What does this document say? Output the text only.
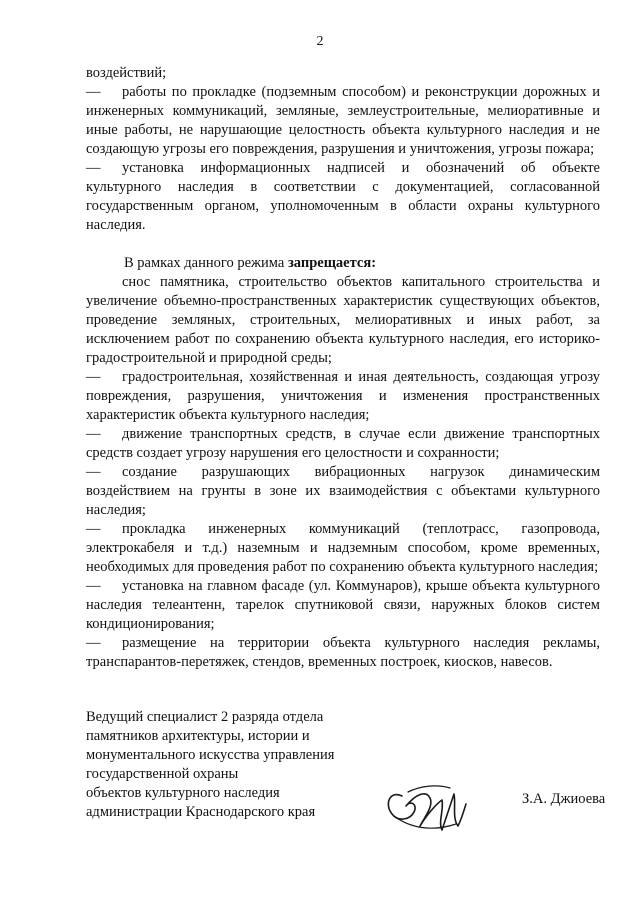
2

воздействий;

— работы по прокладке (подземным способом) и реконструкции дорожных и инженерных коммуникаций, земляные, землеустроительные, мелиоративные и иные работы, не нарушающие целостность объекта культурного наследия и не создающую угрозы его повреждения, разрушения и уничтожения, угрозы пожара;

— установка информационных надписей и обозначений об объекте культурного наследия в соответствии с документацией, согласованной государственным органом, уполномоченным в области охраны культурного наследия.

В рамках данного режима запрещается:

снос памятника, строительство объектов капитального строительства и увеличение объемно-пространственных характеристик существующих объектов, проведение земляных, строительных, мелиоративных и иных работ, за исключением работ по сохранению объекта культурного наследия, его историко-градостроительной и природной среды;

— градостроительная, хозяйственная и иная деятельность, создающая угрозу повреждения, разрушения, уничтожения и изменения пространственных характеристик объекта культурного наследия;

— движение транспортных средств, в случае если движение транспортных средств создает угрозу нарушения его целостности и сохранности;

— создание разрушающих вибрационных нагрузок динамическим воздействием на грунты в зоне их взаимодействия с объектами культурного наследия;

— прокладка инженерных коммуникаций (теплотрасс, газопровода, электрокабеля и т.д.) наземным и надземным способом, кроме временных, необходимых для проведения работ по сохранению объекта культурного наследия;

— установка на главном фасаде (ул. Коммунаров), крыше объекта культурного наследия телеантенн, тарелок спутниковой связи, наружных блоков систем кондиционирования;

— размещение на территории объекта культурного наследия рекламы, транспарантов-перетяжек, стендов, временных построек, киосков, навесов.

Ведущий специалист 2 разряда отдела
памятников архитектуры, истории и
монументального искусства управления
государственной охраны
объектов культурного наследия
администрации Краснодарского края
З.А. Джиоева
